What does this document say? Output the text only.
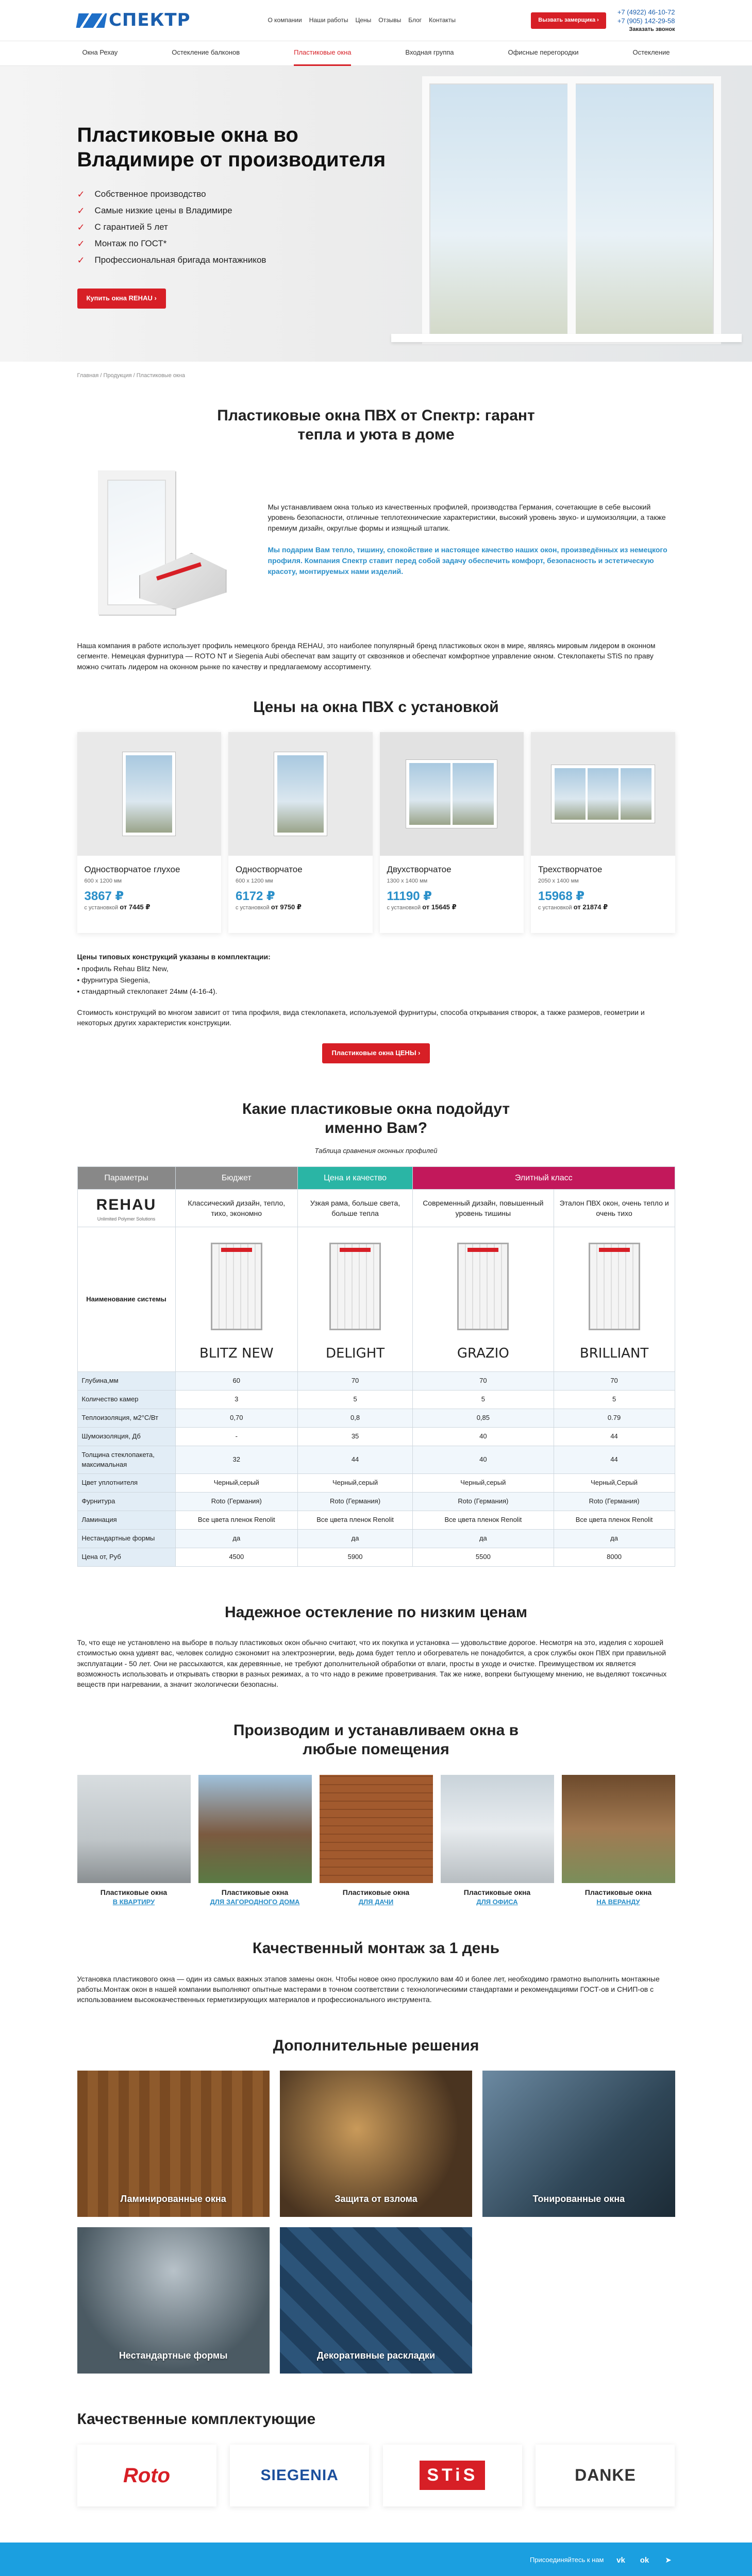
СПЕКТР	О компании Наши работы Цены Отзывы Блог Контакты	Вызвать замерщика ›
+7 (4922) 46-10-72
+7 (905) 142-29-58
Заказать звонок
Окна Рехау	Остекление балконов	Пластиковые окна	Входная группа	Офисные перегородки	Остекление
Пластиковые окна во Владимире от производителя
✓ Собственное производство
✓ Самые низкие цены в Владимире
✓ С гарантией 5 лет
✓ Монтаж по ГОСТ*
✓ Профессиональная бригада монтажников
Купить окна REHAU ›
Главная / Продукция / Пластиковые окна
Пластиковые окна ПВХ от Спектр: гарант тепла и уюта в доме

Мы устанавливаем окна только из качественных профилей, производства Германия, сочетающие в себе высокий уровень безопасности, отличные теплотехнические характеристики, высокий уровень звуко- и шумоизоляции, а также премиум дизайн, округлые формы и изящный штапик.

Мы подарим Вам тепло, тишину, спокойствие и настоящее качество наших окон, произведённых из немецкого профиля. Компания Спектр ставит перед собой задачу обеспечить комфорт, безопасность и эстетическую красоту, монтируемых нами изделий.

Наша компания в работе использует профиль немецкого бренда REHAU, это наиболее популярный бренд пластиковых окон в мире, являясь мировым лидером в оконном сегменте. Немецкая фурнитура — ROTO NT и Siegenia Aubi обеспечат вам защиту от сквозняков и обеспечат комфортное управление окном. Стеклопакеты STiS по праву можно считать лидером на оконном рынке по качеству и предлагаемому ассортименту.

Цены на окна ПВХ с установкой
Одностворчатое глухое
600 х 1200 мм
3867 ₽
с установкой от 7445 ₽
Одностворчатое
600 х 1200 мм
6172 ₽
с установкой от 9750 ₽
Двухстворчатое
1300 х 1400 мм
11190 ₽
с установкой от 15645 ₽
Трехстворчатое
2050 х 1400 мм
15968 ₽
с установкой от 21874 ₽

Цены типовых конструкций указаны в комплектации:

• профиль Rehau Blitz New,

• фурнитура Siegenia,

• стандартный стеклопакет 24мм (4-16-4).

Стоимость конструкций во многом зависит от типа профиля, вида стеклопакета, используемой фурнитуры, способа открывания створок, а также размеров, геометрии и некоторых других характеристик конструкции.

Пластиковые окна ЦЕНЫ ›
Какие пластиковые окна подойдут именно Вам?

Таблица сравнения оконных профилей

Параметры	Бюджет	Цена и качество	Элитный класс	

REHAU
Unlimited Polymer Solutions	Классический дизайн, тепло, тихо, экономно	Узкая рама, больше света, больше тепла	Современный дизайн, повышенный уровень тишины	Эталон ПВХ окон, очень тепло и очень тихо
Наименование системы	BLITZ NEW	DELIGHT	GRAZIO	BRILLIANT

Глубина,мм	60	70	70	70
Количество камер	3	5	5	5
Теплоизоляция, м2°С/Вт	0,70	0,8	0,85	0.79
Шумоизоляция, Дб	-	35	40	44
Толщина стеклопакета, максимальная	32	44	40	44
Цвет уплотнителя	Черный,серый	Черный,серый	Черный,серый	Черный,Серый
Фурнитура	Roto (Германия)	Roto (Германия)	Roto (Германия)	Roto (Германия)
Ламинация	Все цвета пленок Renolit	Все цвета пленок Renolit	Все цвета пленок Renolit	Все цвета пленок Renolit
Нестандартные формы	да	да	да	да
Цена от, Руб	4500	5900	5500	8000
Надежное остекление по низким ценам

То, что еще не установлено на выборе в пользу пластиковых окон обычно считают, что их покупка и установка — удовольствие дорогое. Несмотря на это, изделия с хорошей стоимостью окна удивят вас, человек солидно сэкономит на электроэнергии, ведь дома будет тепло и обогреватель не понадобится, а срок службы окон ПВХ при правильной эксплуатации - 50 лет. Они не рассыхаются, как деревянные, не требуют дополнительной обработки от влаги, просты в уходе и очистке. Преимуществом их является возможность использовать и открывать створки в разных режимах, а то что надо в режиме проветривания. Так же ниже, вопреки бытующему мнению, не выделяют токсичных веществ при нагревании, а значит экологически безопасны.

Производим и устанавливаем окна в любые помещения
Пластиковые окна
В КВАРТИРУ
Пластиковые окна
ДЛЯ ЗАГОРОДНОГО ДОМА
Пластиковые окна
ДЛЯ ДАЧИ
Пластиковые окна
ДЛЯ ОФИСА
Пластиковые окна
НА ВЕРАНДУ
Качественный монтаж за 1 день

Установка пластикового окна — один из самых важных этапов замены окон. Чтобы новое окно прослужило вам 40 и более лет, необходимо грамотно выполнить монтажные работы.Монтаж окон в нашей компании выполняют опытные мастерами в точном соответствии с технологическими стандартами и рекомендациями ГОСТ-ов и СНИП-ов с использованием высококачественных герметизирующих материалов и профессионального инструмента.

Дополнительные решения
Ламинированные окна	Защита от взлома	Тонированные окна
Нестандартные формы	Декоративные раскладки
Качественные комплектующие
Roto	SIEGENIA	STiS	DANKE
Присоединяйтесь к нам	vk	ok	➤
